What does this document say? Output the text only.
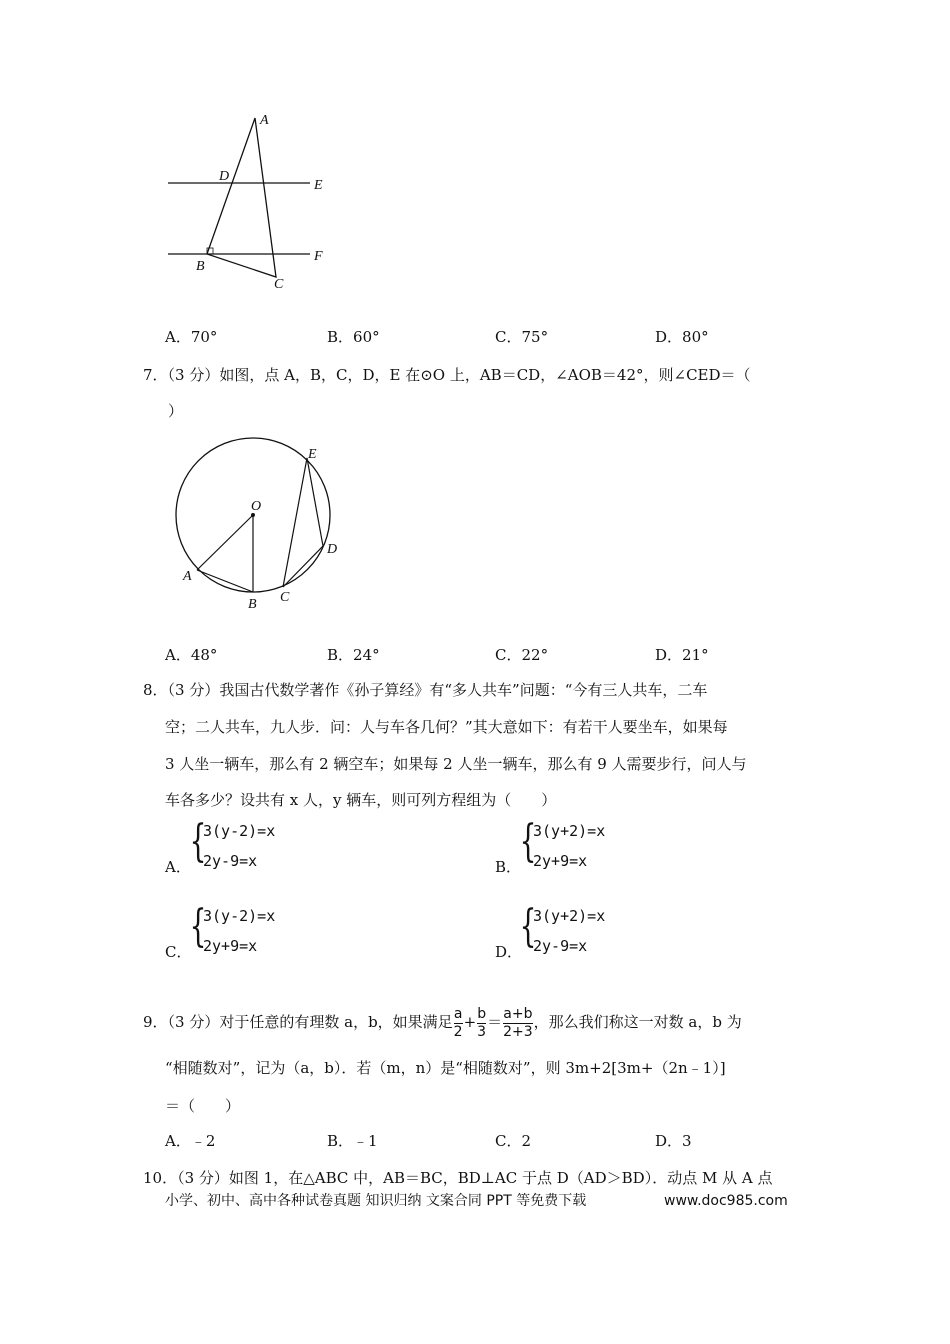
A
D
E
B
F
C
A．70°	B．60°	C．75°	D．80°
7．（3 分）如图，点 A，B，C，D，E 在⊙O 上，AB＝CD，∠AOB＝42°，则∠CED＝（
）
E
O
D
A
B C
A．48°	B．24°	C．22°	D．21°
8．（3 分）我国古代数学著作《孙子算经》有“多人共车”问题：“今有三人共车，二车
空；二人共车，九人步．问：人与车各几何？”其大意如下：有若干人要坐车，如果每
3 人坐一辆车，那么有 2 辆空车；如果每 2 人坐一辆车，那么有 9 人需要步行，问人与
车各多少？设共有 x 人，y 辆车，则可列方程组为（　　）
A．
{
3(y-2)=x
2y-9=x	B．
{
3(y+2)=x
2y+9=x
C．
{
3(y-2)=x
2y+9=x	D．
{
3(y+2)=x
2y-9=x
9．（3 分）对于任意的有理数 a，b，如果满足 $\frac{a}{2} + \frac{b}{3} = \frac{a+b}{2+3}$ ，那么我们称这一对数 a，b 为
“相随数对”，记为（a，b）．若（m，n）是“相随数对”，则 3m+2[3m+（2n﹣1）]
＝（　　）
A．﹣2	B．﹣1	C．2	D．3
10．（3 分）如图 1，在△ABC 中，AB＝BC，BD⊥AC 于点 D（AD＞BD）．动点 M 从 A 点
小学、初中、高中各种试卷真题 知识归纳 文案合同 PPT 等免费下载	www.doc985.com
